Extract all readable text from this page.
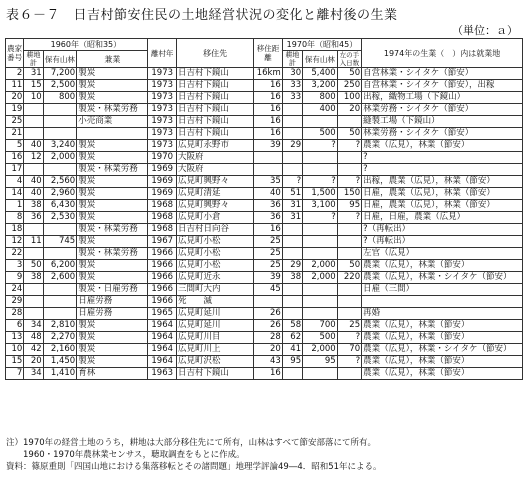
表６－７　日吉村節安住民の土地経営状況の変化と離村後の生業
（単位：ａ）
農家番号	1960年（昭和35）			離村年	移住先	移住距離	1970年（昭和45）			1974年の生業（　）内は就業地
	耕地計	保有山林	兼業				耕地計	保有山林	左の手入日数	
2	31	7,200	製炭	1973	日吉村下鏡山	16km	30	5,400	50	自営林業・シイタケ（節安）
11	15	2,500	製炭	1973	日吉村下鏡山	16	33	3,200	250	自営林業・シイタケ（節安），出稼
20	10	800	製炭	1973	日吉村下鏡山	16	33	800	100	出稼，織物工場（下鏡山）
19			製炭・林業労務	1973	日吉村下鏡山	16		400	20	林業労務・シイタケ（節安）
25			小売商業	1973	日吉村下鏡山	16				縫製工場（下鏡山）
21				1973	日吉村下鏡山	16		500	50	林業労務・シイタケ（節安）
5	40	3,240	製炭	1973	広見町永野市	39	29	?	?	農業（広見），林業（節安）
16	12	2,000	製炭	1970	大阪府					?
17			製炭・林業労務	1969	大阪府					?
4	40	2,560	製炭	1969	広見町興野々	35	?	?	?	出稼，農業（広見），林業（節安）
14	40	2,960	製炭	1969	広見町清延	40	51	1,500	150	日雇，農業（広見），林業（節安）
1	38	6,430	製炭	1968	広見町興野々	36	31	3,100	95	日雇，農業（広見），林業（節安）
8	36	2,530	製炭	1968	広見町小倉	36	31	?	?	日雇，日雇，農業（広見）
18			製炭・林業労務	1968	日吉村日向谷	16				?（再転出）
12	11	745	製炭	1967	広見町小松	25				?（再転出）
22			製炭・林業労務	1966	広見町小松	25				左官（広見）
3	50	6,200	製炭	1966	広見町小松	25	29	2,000	50	農業（広見），林業（節安）
9	38	2,600	製炭	1966	広見町近永	39	38	2,000	220	農業（広見），林業・シイタケ（節安）
24			製炭・日雇労務	1966	三間町大内	45				日雇（三間）
29			日雇労務	1966	死　　滅					
28			日雇労務	1965	広見町延川	26				再婚
6	34	2,810	製炭	1964	広見町延川	26	58	700	25	農業（広見），林業（節安）
13	48	2,270	製炭	1964	広見町川目	28	62	500	?	農業（広見），林業（節安）
10	42	2,160	製炭	1964	広見町川上	20	41	2,000	70	農業（広見），林業・シイタケ（節安）
15	20	1,450	製炭	1964	広見町沢松	43	95	95	?	農業（広見），林業（節安）
7	34	1,410	育林	1963	日吉村下鏡山	16				農業（広見），林業（節安）
注）1970年の経営土地のうち，耕地は大部分移住先にて所有，山林はすべて節安部落にて所有。
　　1960・1970年農林業センサス，聴取調査をもとに作成。
資料：篠原重則「四国山地における集落移転とその諸問題」地理学評論49―4．昭和51年による。
